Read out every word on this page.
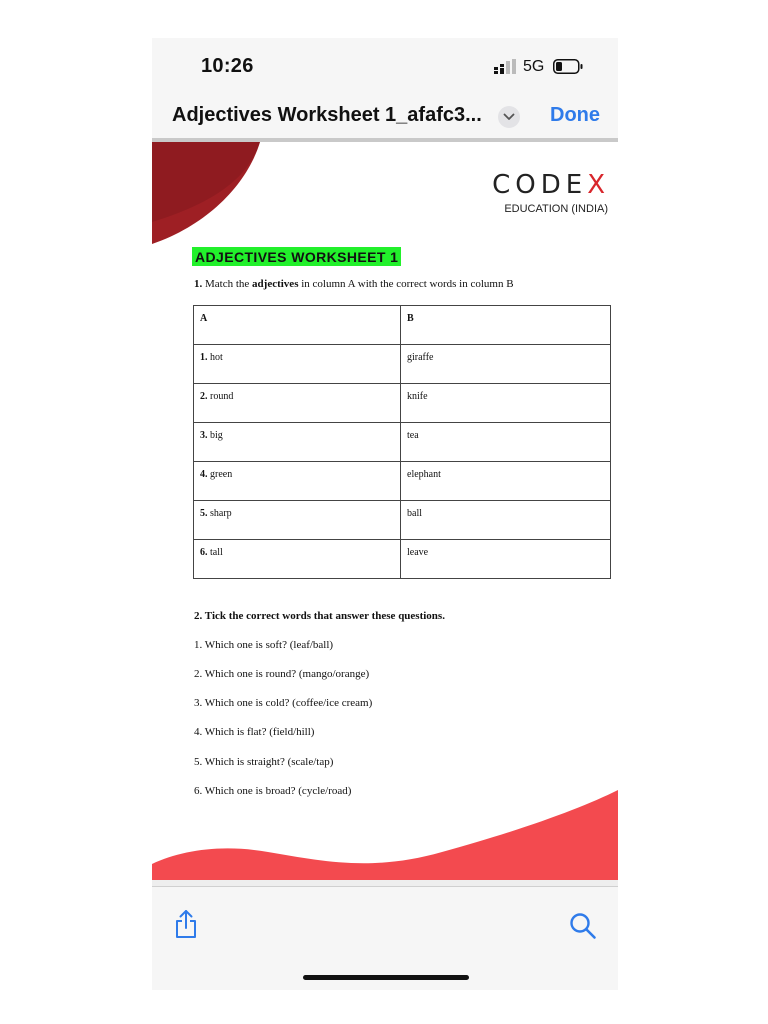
10:26	5G
Adjectives Worksheet 1_afafc3...	Done
CODEX
EDUCATION (INDIA)
ADJECTIVES WORKSHEET 1
1. Match the adjectives in column A with the correct words in column B
A	B
1. hot	giraffe
2. round	knife
3. big	tea
4. green	elephant
5. sharp	ball
6. tall	leave
2. Tick the correct words that answer these questions.
1. Which one is soft? (leaf/ball)
2. Which one is round? (mango/orange)
3. Which one is cold? (coffee/ice cream)
4. Which is flat? (field/hill)
5. Which is straight? (scale/tap)
6. Which one is broad? (cycle/road)
